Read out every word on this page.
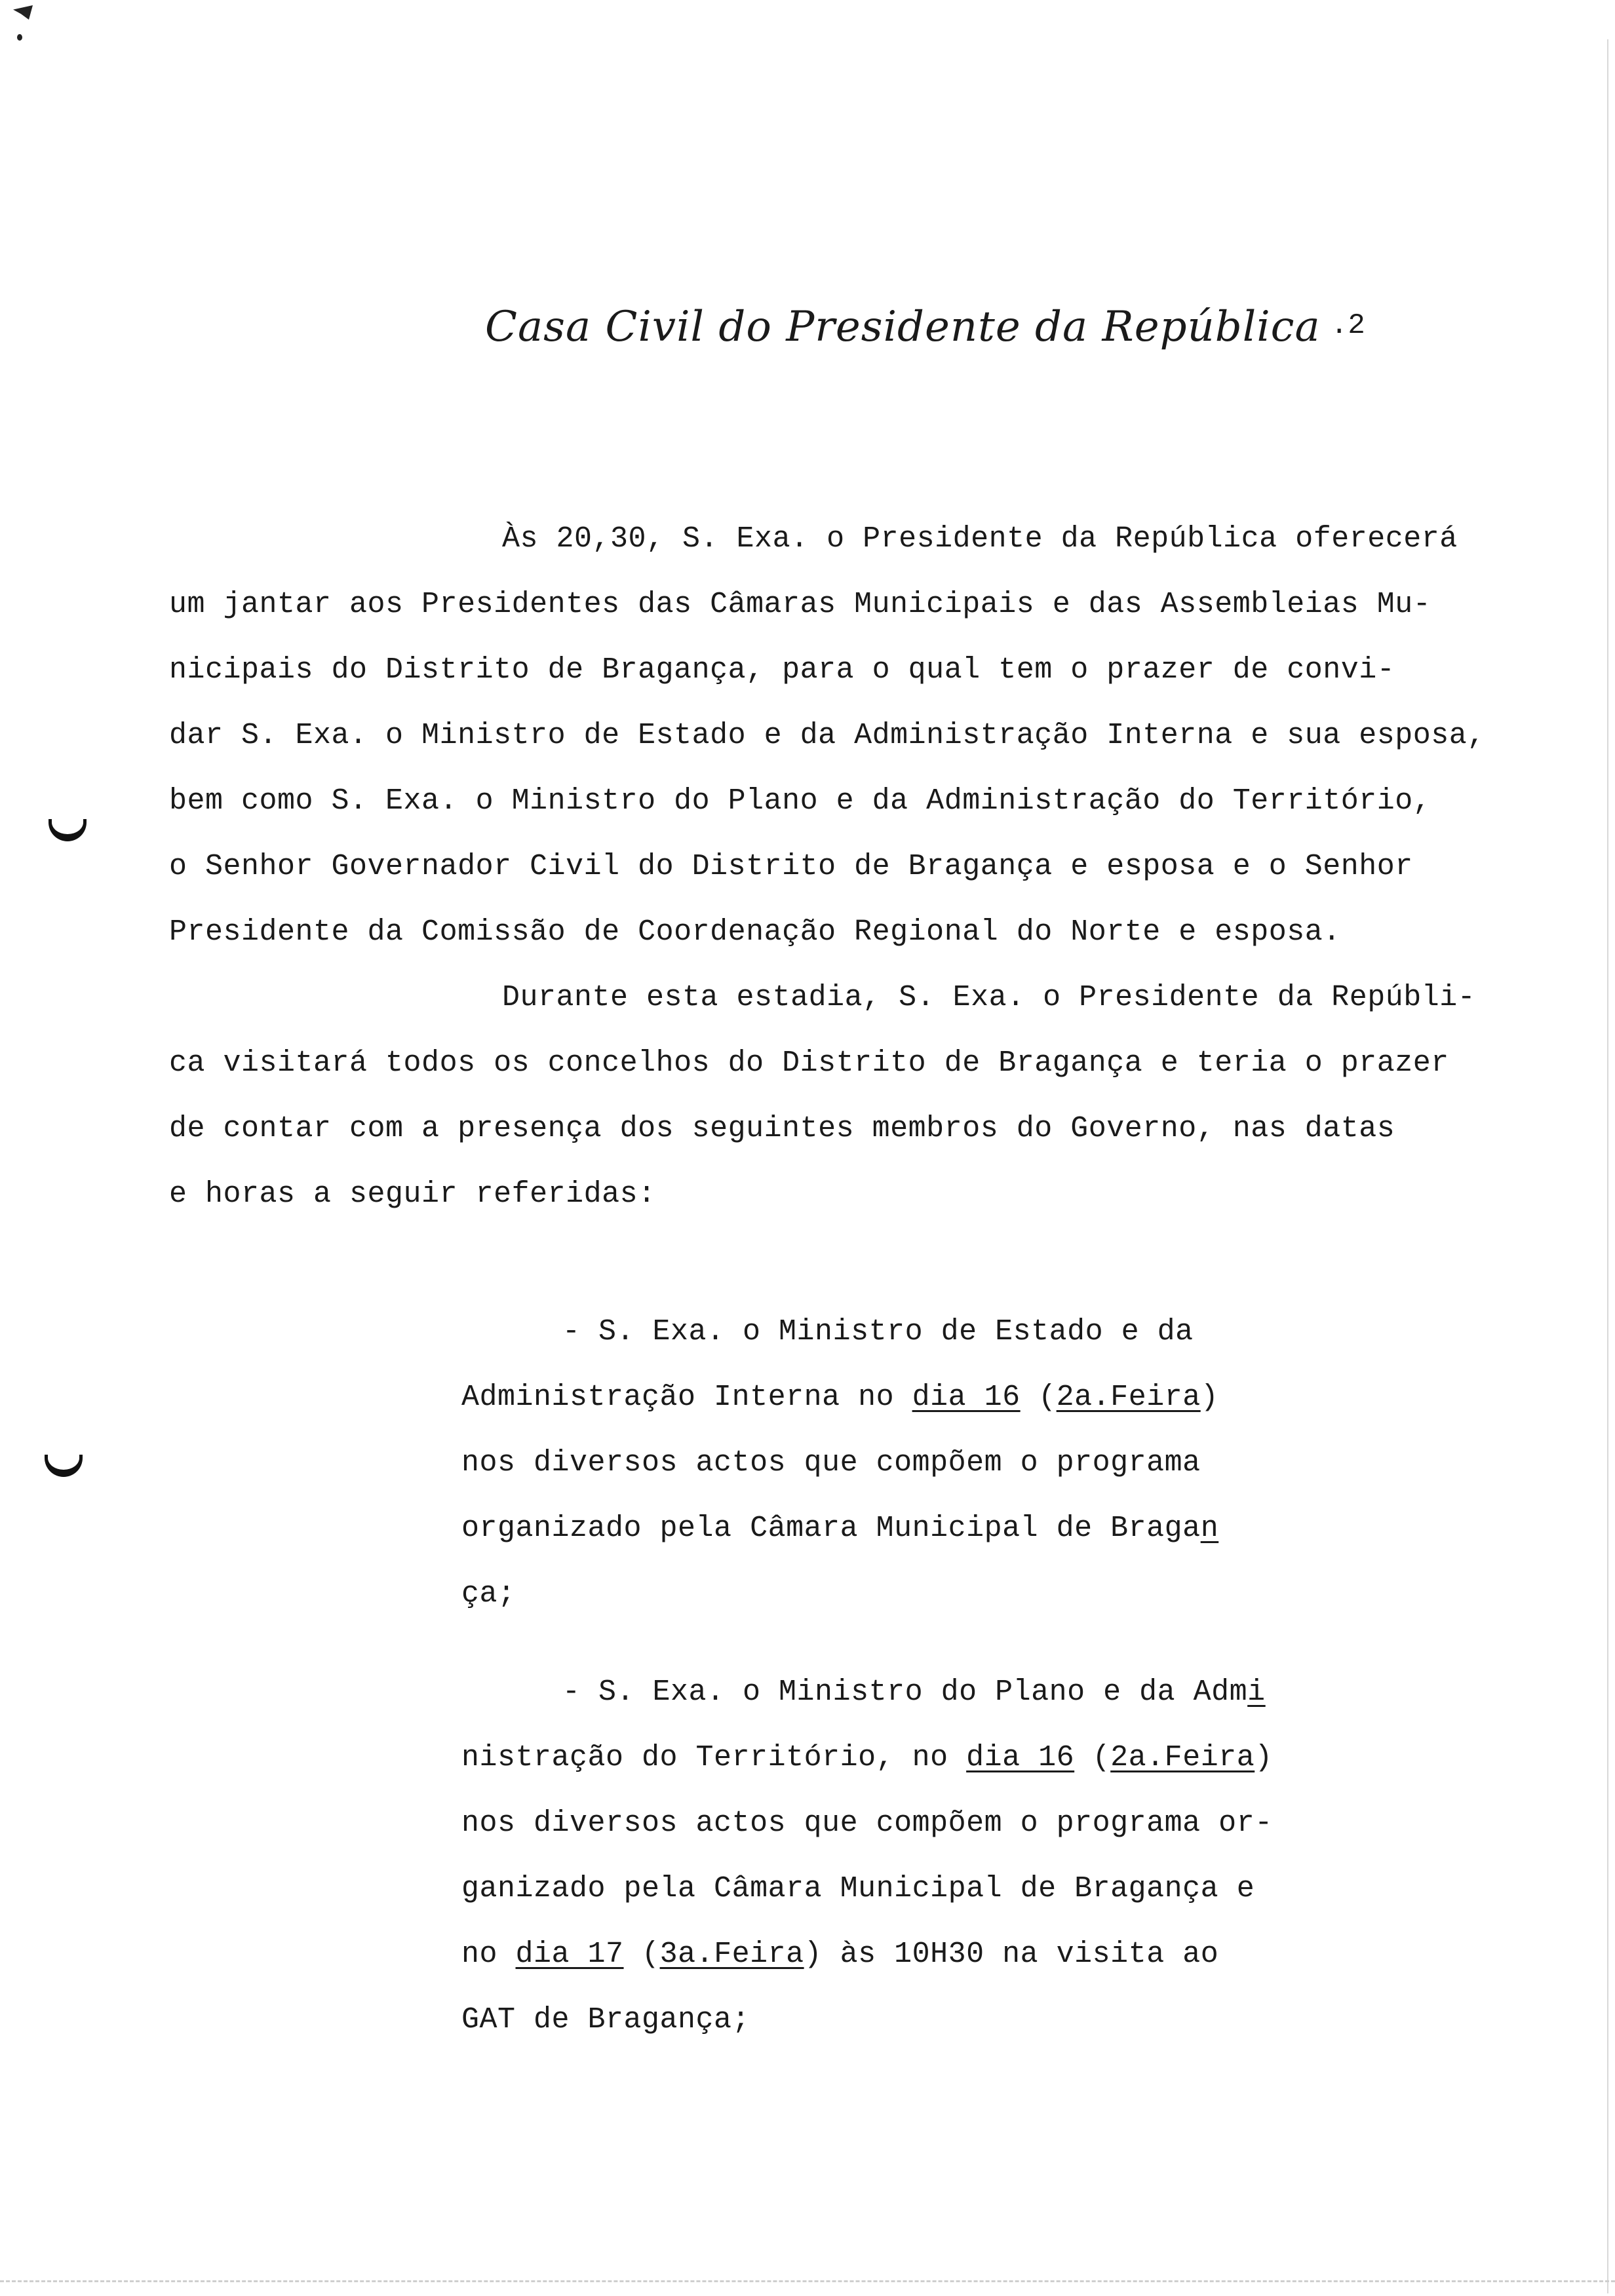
Casa Civil do Presidente da República .2
Às 20,30, S. Exa. o Presidente da República oferecerá
um jantar aos Presidentes das Câmaras Municipais e das Assembleias Mu-
nicipais do Distrito de Bragança, para o qual tem o prazer de convi-
dar S. Exa. o Ministro de Estado e da Administração Interna e sua esposa,
bem como S. Exa. o Ministro do Plano e da Administração do Território,
o Senhor Governador Civil do Distrito de Bragança e esposa e o Senhor
Presidente da Comissão de Coordenação Regional do Norte e esposa.
Durante esta estadia, S. Exa. o Presidente da Repúbli-
ca visitará todos os concelhos do Distrito de Bragança e teria o prazer
de contar com a presença dos seguintes membros do Governo, nas datas
e horas a seguir referidas:
- S. Exa. o Ministro de Estado e da
Administração Interna no dia 16 (2a.Feira)
nos diversos actos que compõem o programa
organizado pela Câmara Municipal de Bragan
ça;
- S. Exa. o Ministro do Plano e da Admi
nistração do Território, no dia 16 (2a.Feira)
nos diversos actos que compõem o programa or-
ganizado pela Câmara Municipal de Bragança e
no dia 17 (3a.Feira) às 10H30 na visita ao
GAT de Bragança;
